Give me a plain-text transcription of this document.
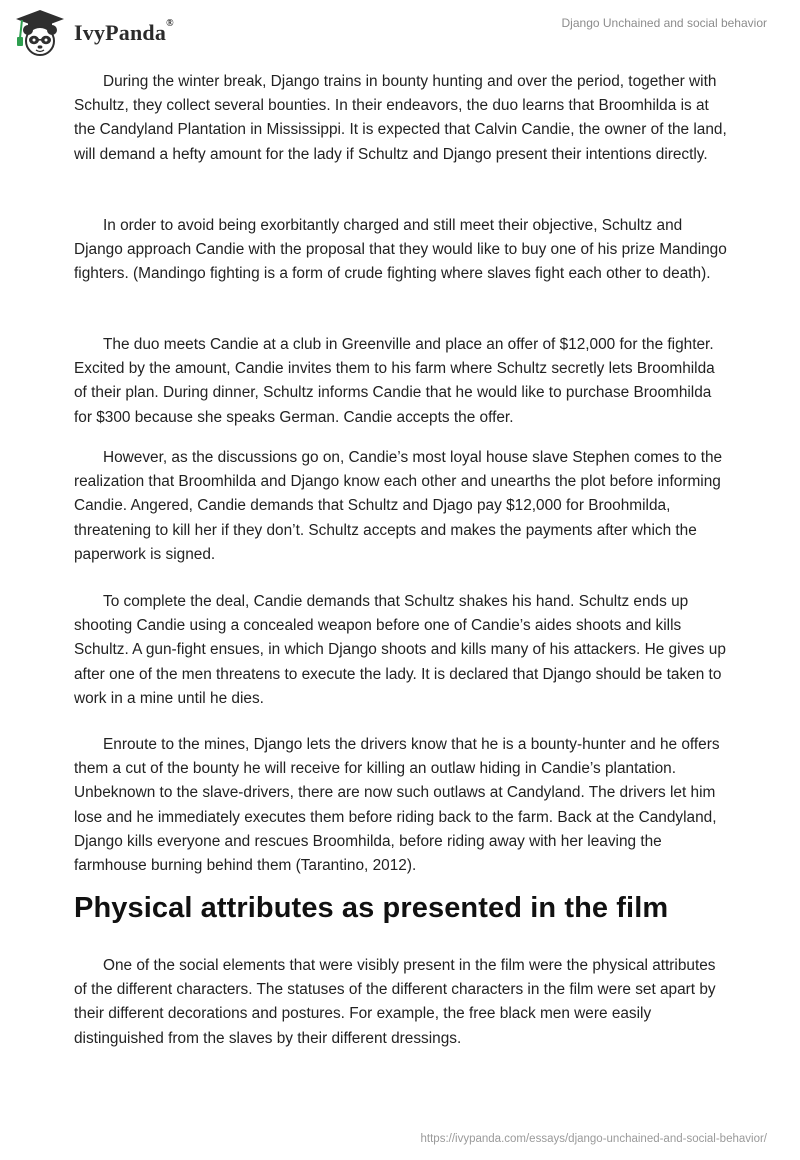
IvyPanda®	Django Unchained and social behavior

During the winter break, Django trains in bounty hunting and over the period, together with Schultz, they collect several bounties. In their endeavors, the duo learns that Broomhilda is at the Candyland Plantation in Mississippi. It is expected that Calvin Candie, the owner of the land, will demand a hefty amount for the lady if Schultz and Django present their intentions directly.

In order to avoid being exorbitantly charged and still meet their objective, Schultz and Django approach Candie with the proposal that they would like to buy one of his prize Mandingo fighters. (Mandingo fighting is a form of crude fighting where slaves fight each other to death).

The duo meets Candie at a club in Greenville and place an offer of $12,000 for the fighter. Excited by the amount, Candie invites them to his farm where Schultz secretly lets Broomhilda of their plan. During dinner, Schultz informs Candie that he would like to purchase Broomhilda for $300 because she speaks German. Candie accepts the offer.

However, as the discussions go on, Candie’s most loyal house slave Stephen comes to the realization that Broomhilda and Django know each other and unearths the plot before informing Candie. Angered, Candie demands that Schultz and Djago pay $12,000 for Broohmilda, threatening to kill her if they don’t. Schultz accepts and makes the payments after which the paperwork is signed.

To complete the deal, Candie demands that Schultz shakes his hand. Schultz ends up shooting Candie using a concealed weapon before one of Candie’s aides shoots and kills Schultz. A gun-fight ensues, in which Django shoots and kills many of his attackers. He gives up after one of the men threatens to execute the lady. It is declared that Django should be taken to work in a mine until he dies.

Enroute to the mines, Django lets the drivers know that he is a bounty-hunter and he offers them a cut of the bounty he will receive for killing an outlaw hiding in Candie’s plantation. Unbeknown to the slave-drivers, there are now such outlaws at Candyland. The drivers let him lose and he immediately executes them before riding back to the farm. Back at the Candyland, Django kills everyone and rescues Broomhilda, before riding away with her leaving the farmhouse burning behind them (Tarantino, 2012).

Physical attributes as presented in the film

One of the social elements that were visibly present in the film were the physical attributes of the different characters. The statuses of the different characters in the film were set apart by their different decorations and postures. For example, the free black men were easily distinguished from the slaves by their different dressings.

https://ivypanda.com/essays/django-unchained-and-social-behavior/
